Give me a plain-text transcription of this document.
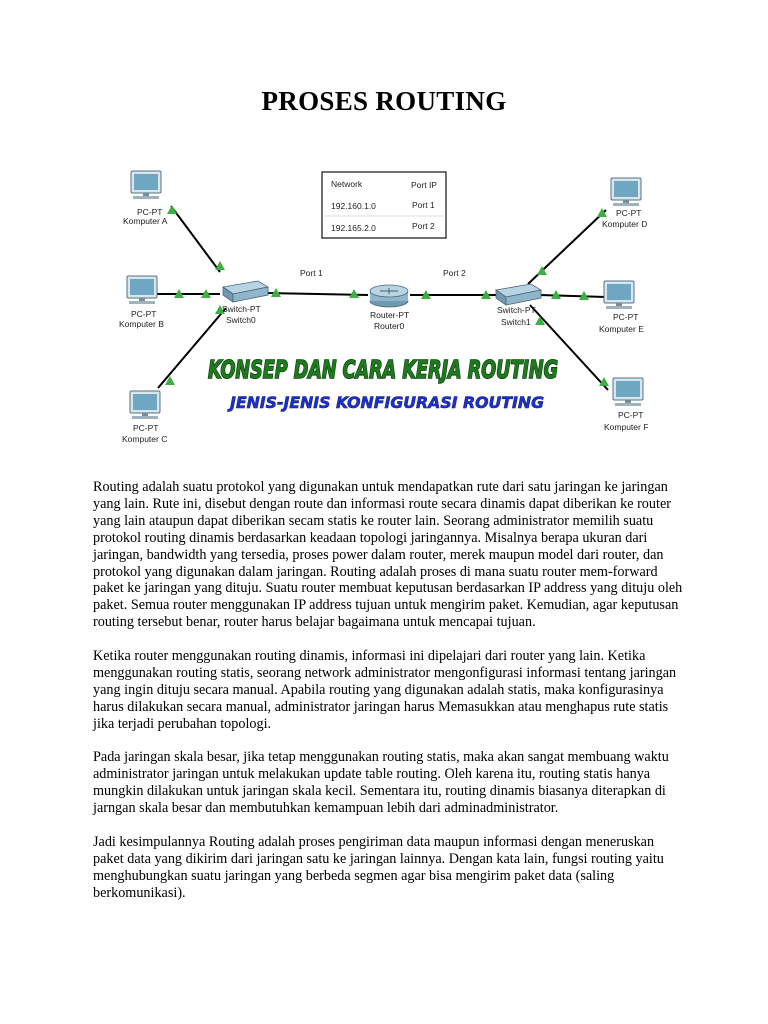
PROSES ROUTING
Network	Port IP
192.160.1.0	Port 1
192.165.2.0	Port 2
Port 1	Port 2
PC-PT
Komputer A
PC-PT
Komputer B
PC-PT
Komputer C
PC-PT
Komputer D
PC-PT
Komputer E
PC-PT
Komputer F
Switch-PT
Switch0	Router-PT
Router0
Switch-PT
Switch1
KONSEP DAN CARA KERJA ROUTING
JENIS-JENIS KONFIGURASI ROUTING

Routing adalah suatu protokol yang digunakan untuk mendapatkan rute dari satu jaringan ke jaringan yang lain. Rute ini, disebut dengan route dan informasi route secara dinamis dapat diberikan ke router yang lain ataupun dapat diberikan secam statis ke router lain. Seorang administrator memilih suatu protokol routing dinamis berdasarkan keadaan topologi jaringannya. Misalnya berapa ukuran dari jaringan, bandwidth yang tersedia, proses power dalam router, merek maupun model dari router, dan protokol yang digunakan dalam jaringan. Routing adalah proses di mana suatu router mem-forward paket ke jaringan yang dituju. Suatu router membuat keputusan berdasarkan IP address yang dituju oleh paket. Semua router menggunakan IP address tujuan untuk mengirim paket. Kemudian, agar keputusan routing tersebut benar, router harus belajar bagaimana untuk mencapai tujuan.

Ketika router menggunakan routing dinamis, informasi ini dipelajari dari router yang lain. Ketika menggunakan routing statis, seorang network administrator mengonfigurasi informasi tentang jaringan yang ingin dituju secara manual. Apabila routing yang digunakan adalah statis, maka konfigurasinya harus dilakukan secara manual, administrator jaringan harus Memasukkan atau menghapus rute statis jika terjadi perubahan topologi.

Pada jaringan skala besar, jika tetap menggunakan routing statis, maka akan sangat membuang waktu administrator jaringan untuk melakukan update table routing. Oleh karena itu, routing statis hanya mungkin dilakukan untuk jaringan skala kecil. Sementara itu, routing dinamis biasanya diterapkan di jarngan skala besar dan membutuhkan kemampuan lebih dari adminadministrator.

Jadi kesimpulannya Routing adalah proses pengiriman data maupun informasi dengan meneruskan paket data yang dikirim dari jaringan satu ke jaringan lainnya. Dengan kata lain, fungsi routing yaitu menghubungkan suatu jaringan yang berbeda segmen agar bisa mengirim paket data (saling berkomunikasi).
